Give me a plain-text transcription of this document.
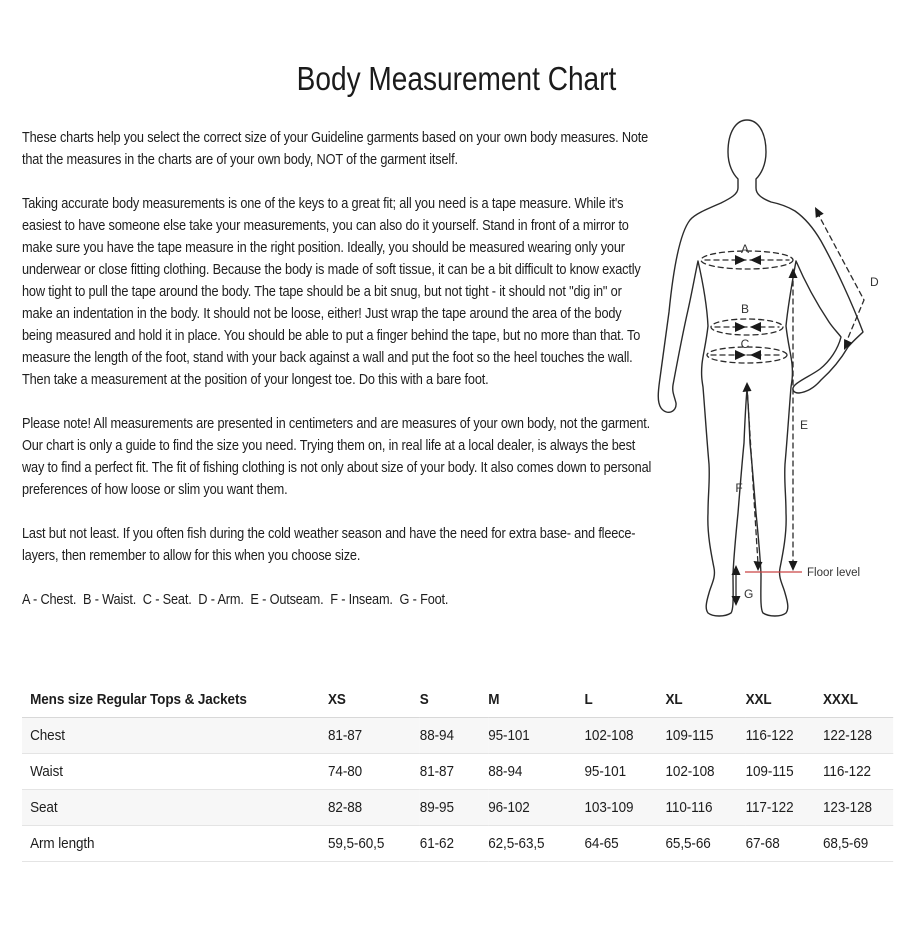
Body Measurement Chart

These charts help you select the correct size of your Guideline garments based on your own body measures. Note that the measures in the charts are of your own body, NOT of the garment itself.

Taking accurate body measurements is one of the keys to a great fit; all you need is a tape measure. While it's easiest to have someone else take your measurements, you can also do it yourself. Stand in front of a mirror to make sure you have the tape measure in the right position. Ideally, you should be measured wearing only your underwear or close fitting clothing. Because the body is made of soft tissue, it can be a bit difficult to know exactly how tight to pull the tape around the body. The tape should be a bit snug, but not tight - it should not "dig in" or make an indentation in the body. It should not be loose, either! Just wrap the tape around the area of the body being measured and hold it in place. You should be able to put a finger behind the tape, but no more than that. To measure the length of the foot, stand with your back against a wall and put the foot so the heel touches the wall. Then take a measurement at the position of your longest toe. Do this with a bare foot.

Please note! All measurements are presented in centimeters and are measures of your own body, not the garment. Our chart is only a guide to find the size you need. Trying them on, in real life at a local dealer, is always the best way to find a perfect fit. The fit of fishing clothing is not only about size of your body. It also comes down to personal preferences of how loose or slim you want them.

Last but not least. If you often fish during the cold weather season and have the need for extra base- and fleece-layers, then remember to allow for this when you choose size.

A - Chest.  B - Waist.  C - Seat.  D - Arm.  E - Outseam.  F - Inseam.  G - Foot.
Floor level
A
B
C
D
E
F
G
Mens size Regular Tops & Jackets	XS	S	M	L	XL	XXL	XXXL
Chest	81-87	88-94	95-101	102-108	109-115	116-122	122-128
Waist	74-80	81-87	88-94	95-101	102-108	109-115	116-122
Seat	82-88	89-95	96-102	103-109	110-116	117-122	123-128
Arm length	59,5-60,5	61-62	62,5-63,5	64-65	65,5-66	67-68	68,5-69
